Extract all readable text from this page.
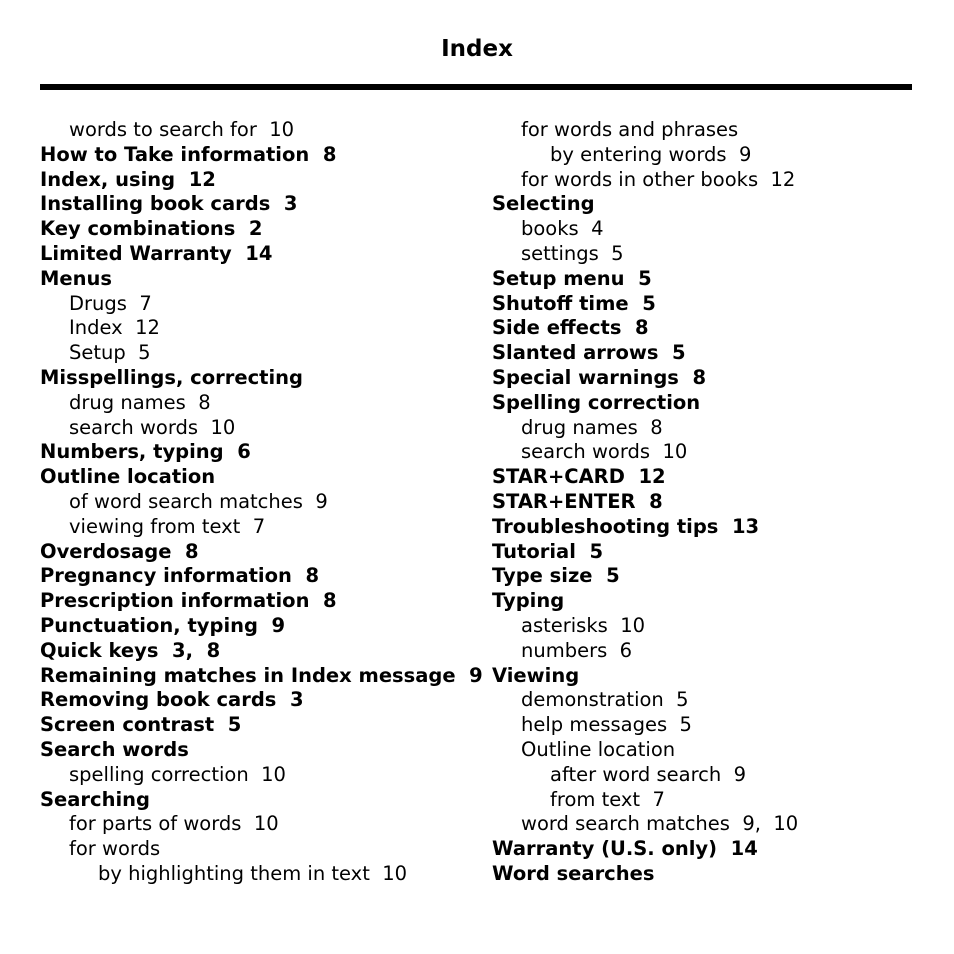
Index
words to search for  10
How to Take information  8
Index, using  12
Installing book cards  3
Key combinations  2
Limited Warranty  14
Menus
Drugs  7
Index  12
Setup  5
Misspellings, correcting
drug names  8
search words  10
Numbers, typing  6
Outline location
of word search matches  9
viewing from text  7
Overdosage  8
Pregnancy information  8
Prescription information  8
Punctuation, typing  9
Quick keys  3,  8
Remaining matches in Index message  9
Removing book cards  3
Screen contrast  5
Search words
spelling correction  10
Searching
for parts of words  10
for words
by highlighting them in text  10
for words and phrases
by entering words  9
for words in other books  12
Selecting
books  4
settings  5
Setup menu  5
Shutoff time  5
Side effects  8
Slanted arrows  5
Special warnings  8
Spelling correction
drug names  8
search words  10
STAR+CARD  12
STAR+ENTER  8
Troubleshooting tips  13
Tutorial  5
Type size  5
Typing
asterisks  10
numbers  6
Viewing
demonstration  5
help messages  5
Outline location
after word search  9
from text  7
word search matches  9,  10
Warranty (U.S. only)  14
Word searches
